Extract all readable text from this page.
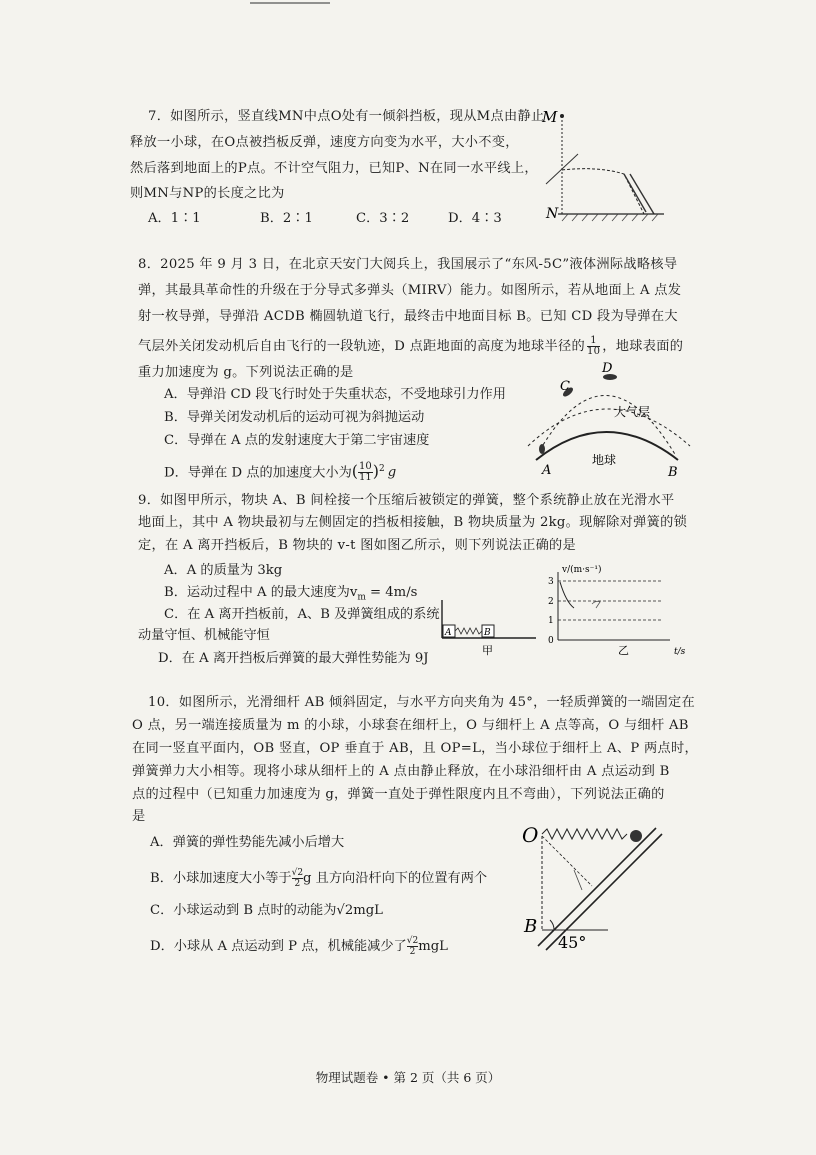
7．如图所示，竖直线MN中点O处有一倾斜挡板，现从M点由静止
释放一小球，在O点被挡板反弹，速度方向变为水平，大小不变，
然后落到地面上的P点。不计空气阻力，已知P、N在同一水平线上，
则MN与NP的长度之比为
A．1∶1	B．2∶1	C．3∶2	D．4∶3
M
N
8．2025 年 9 月 3 日，在北京天安门大阅兵上，我国展示了“东风-5C”液体洲际战略核导
弹，其最具革命性的升级在于分导式多弹头（MIRV）能力。如图所示，若从地面上 A 点发
射一枚导弹，导弹沿 ACDB 椭圆轨道飞行，最终击中地面目标 B。已知 CD 段为导弹在大
气层外关闭发动机后自由飞行的一段轨迹，D 点距地面的高度为地球半径的 $\frac{1}{10}$ ，地球表面的
重力加速度为 g。下列说法正确的是
A．导弹沿 CD 段飞行时处于失重状态，不受地球引力作用
B．导弹关闭发动机后的运动可视为斜抛运动
C．导弹在 A 点的发射速度大于第二宇宙速度
D．导弹在 D 点的加速度大小为( $\frac{10}{11} )^2$ g
C
D
大气层
地球
A	B
9．如图甲所示，物块 A、B 间栓接一个压缩后被锁定的弹簧，整个系统静止放在光滑水平
地面上，其中 A 物块最初与左侧固定的挡板相接触，B 物块质量为 2kg。现解除对弹簧的锁
定，在 A 离开挡板后，B 物块的 v-t 图如图乙所示，则下列说法正确的是
A．A 的质量为 3kg
B．运动过程中 A 的最大速度为$v_m = 4m/s$
C．在 A 离开挡板前，A、B 及弹簧组成的系统
动量守恒、机械能守恒
D．在 A 离开挡板后弹簧的最大弹性势能为 9J
A	B
甲
v/(m·s⁻¹)
3
2
1
0
乙	t/s
10．如图所示，光滑细杆 AB 倾斜固定，与水平方向夹角为 45°，一轻质弹簧的一端固定在
O 点，另一端连接质量为 m 的小球，小球套在细杆上，O 与细杆上 A 点等高，O 与细杆 AB
在同一竖直平面内，OB 竖直，OP 垂直于 AB，且 OP=L，当小球位于细杆上 A、P 两点时，
弹簧弹力大小相等。现将小球从细杆上的 A 点由静止释放，在小球沿细杆由 A 点运动到 B
点的过程中（已知重力加速度为 g，弹簧一直处于弹性限度内且不弯曲），下列说法正确的
是
A．弹簧的弹性势能先减小后增大
B．小球加速度大小等于 $\frac{√2}{2}$ g 且方向沿杆向下的位置有两个
C．小球运动到 B 点时的动能为√2mgL
D．小球从 A 点运动到 P 点，机械能减少了 $\frac{√2}{2}$ mgL
O
B
45°
物理试题卷 • 第 2 页（共 6 页）
